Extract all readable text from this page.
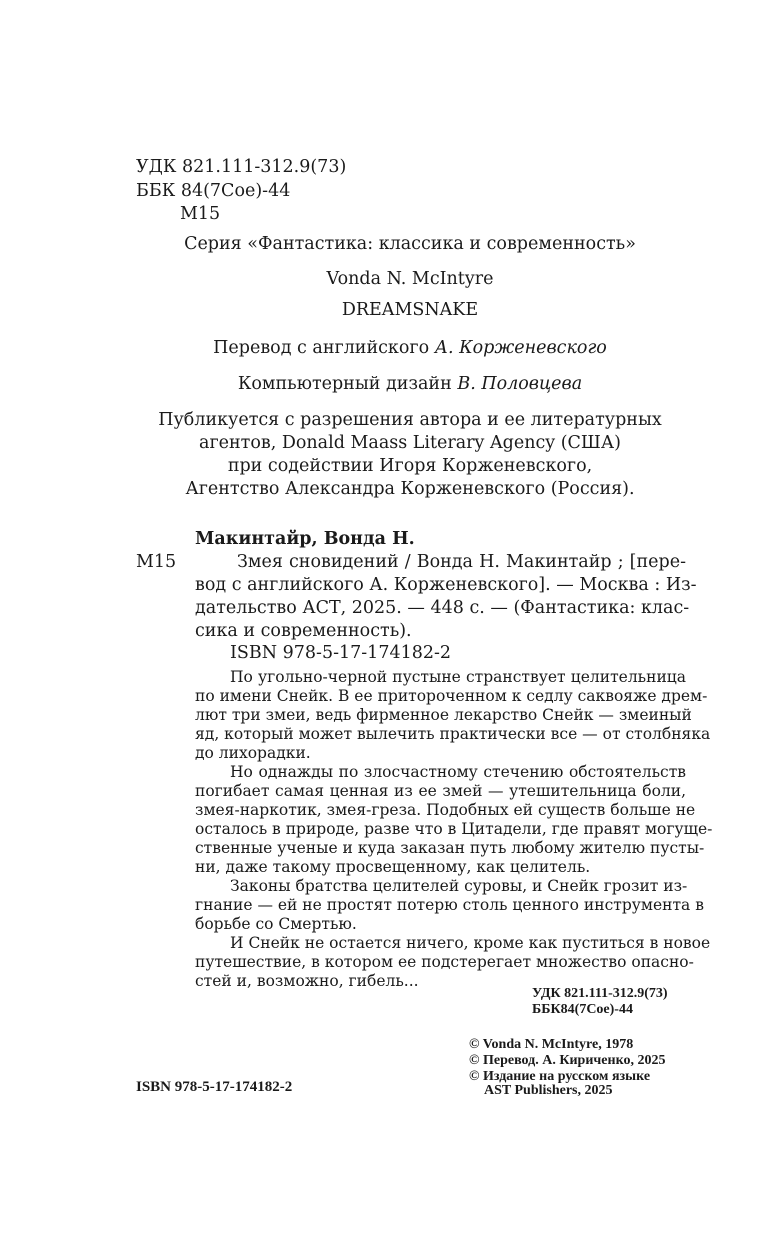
УДК 821.111-312.9(73)
ББК 84(7Сое)-44
М15
Серия «Фантастика: классика и современность»
Vonda N. McIntyre
DREAMSNAKE
Перевод с английского А. Корженевского
Компьютерный дизайн В. Половцева
Публикуется с разрешения автора и ее литературных
агентов, Donald Maass Literary Agency (США)
при содействии Игоря Корженевского,
Агентство Александра Корженевского (Россия).
Макинтайр, Вонда Н.
М15	Змея сновидений / Вонда Н. Макинтайр ; [пере-
вод с английского А. Корженевского]. — Москва : Из-
дательство АСТ, 2025. — 448 с. — (Фантастика: клас-
сика и современность).
ISBN 978-5-17-174182-2
По угольно-черной пустыне странствует целительница
по имени Снейк. В ее притороченном к седлу саквояже дрем-
лют три змеи, ведь фирменное лекарство Снейк — змеиный
яд, который может вылечить практически все — от столбняка
до лихорадки.
Но однажды по злосчастному стечению обстоятельств
погибает самая ценная из ее змей — утешительница боли,
змея-наркотик, змея-греза. Подобных ей существ больше не
осталось в природе, разве что в Цитадели, где правят могуще-
ственные ученые и куда заказан путь любому жителю пусты-
ни, даже такому просвещенному, как целитель.
Законы братства целителей суровы, и Снейк грозит из-
гнание — ей не простят потерю столь ценного инструмента в
борьбе со Смертью.
И Снейк не остается ничего, кроме как пуститься в новое
путешествие, в котором ее подстерегает множество опасно-
стей и, возможно, гибель...
УДК 821.111-312.9(73)
ББК84(7Сое)-44
© Vonda N. McIntyre, 1978
© Перевод. А. Кириченко, 2025
© Издание на русском языке
AST Publishers, 2025
ISBN 978-5-17-174182-2
